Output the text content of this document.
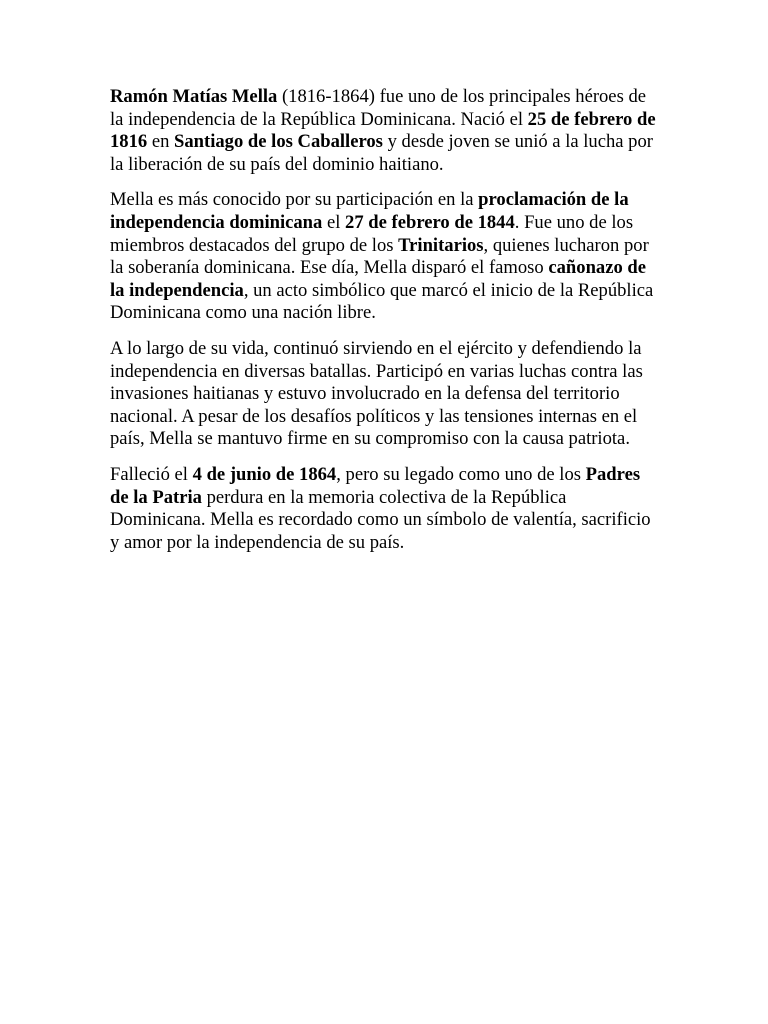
Ramón Matías Mella (1816-1864) fue uno de los principales héroes de la independencia de la República Dominicana. Nació el 25 de febrero de 1816 en Santiago de los Caballeros y desde joven se unió a la lucha por la liberación de su país del dominio haitiano.

Mella es más conocido por su participación en la proclamación de la independencia dominicana el 27 de febrero de 1844. Fue uno de los miembros destacados del grupo de los Trinitarios, quienes lucharon por la soberanía dominicana. Ese día, Mella disparó el famoso cañonazo de la independencia, un acto simbólico que marcó el inicio de la República Dominicana como una nación libre.

A lo largo de su vida, continuó sirviendo en el ejército y defendiendo la independencia en diversas batallas. Participó en varias luchas contra las invasiones haitianas y estuvo involucrado en la defensa del territorio nacional. A pesar de los desafíos políticos y las tensiones internas en el país, Mella se mantuvo firme en su compromiso con la causa patriota.

Falleció el 4 de junio de 1864, pero su legado como uno de los Padres de la Patria perdura en la memoria colectiva de la República Dominicana. Mella es recordado como un símbolo de valentía, sacrificio y amor por la independencia de su país.
